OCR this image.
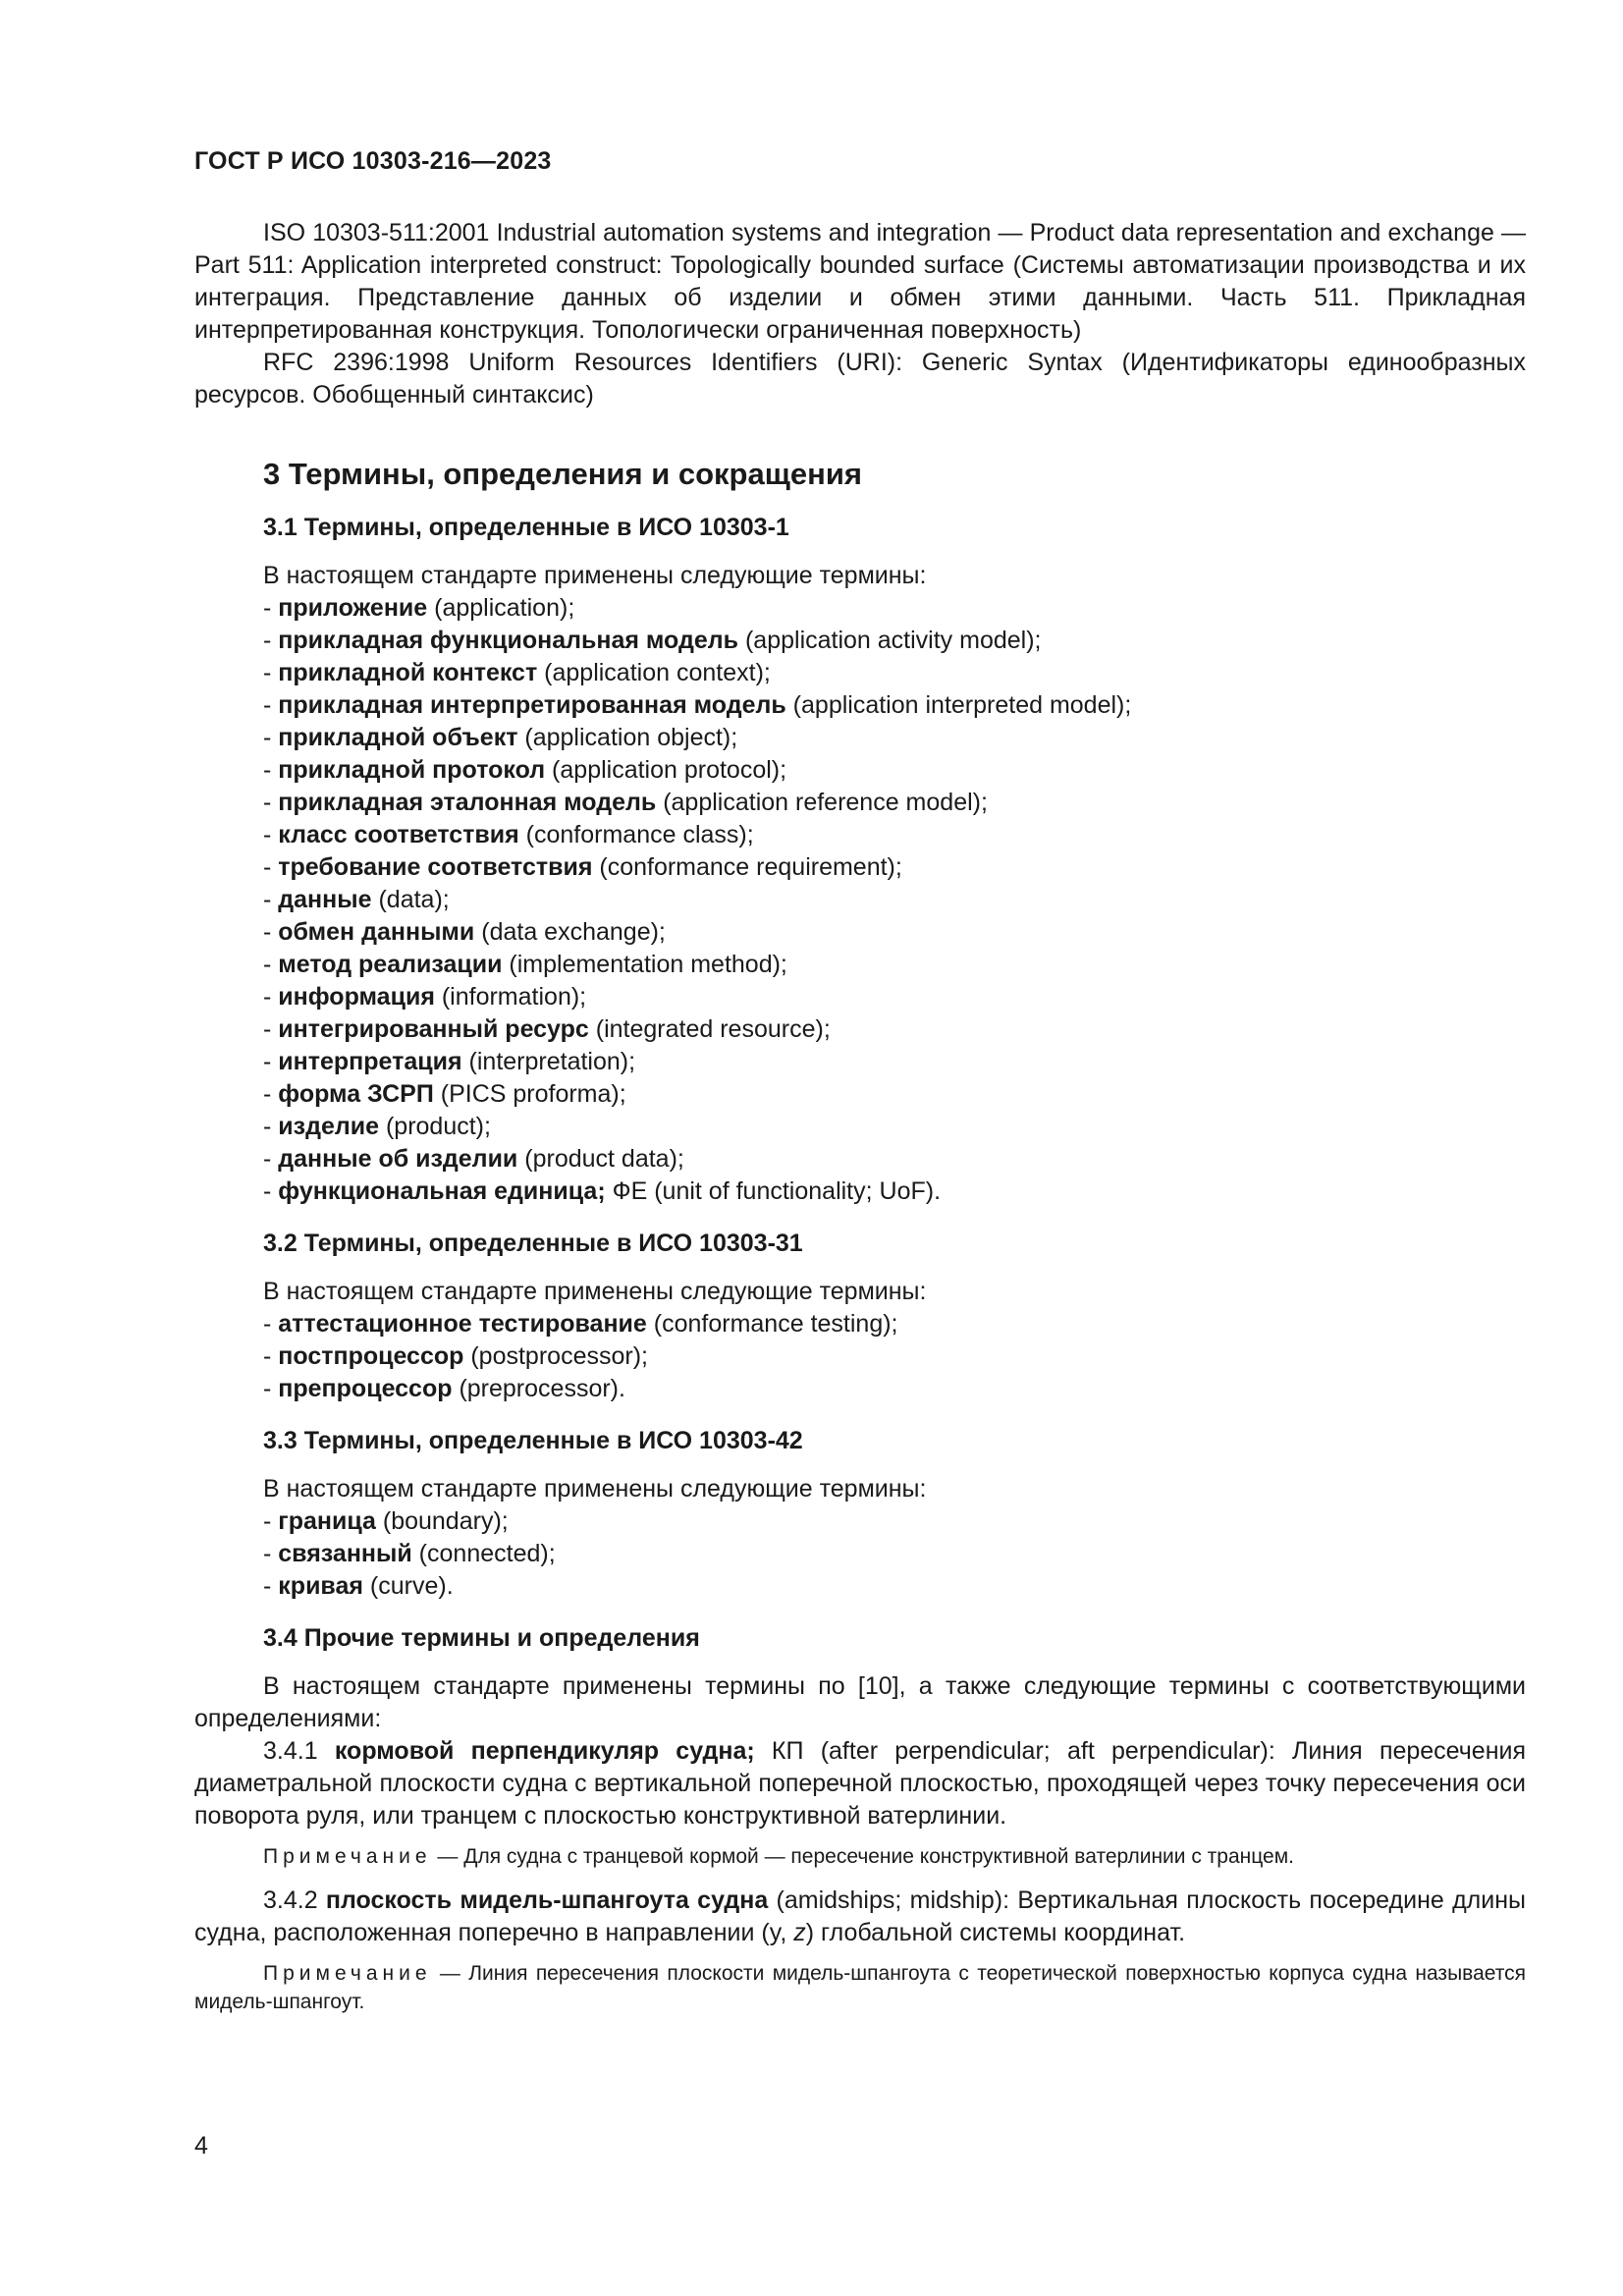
ГОСТ Р ИСО 10303-216—2023

ISO 10303-511:2001 Industrial automation systems and integration — Product data representation and exchange — Part 511: Application interpreted construct: Topologically bounded surface (Системы автоматизации производства и их интеграция. Представление данных об изделии и обмен этими данными. Часть 511. Прикладная интерпретированная конструкция. Топологически ограниченная поверхность)

RFC 2396:1998 Uniform Resources Identifiers (URI): Generic Syntax (Идентификаторы единообразных ресурсов. Обобщенный синтаксис)

3 Термины, определения и сокращения
3.1 Термины, определенные в ИСО 10303-1
В настоящем стандарте применены следующие термины:
- приложение (application);
- прикладная функциональная модель (application activity model);
- прикладной контекст (application context);
- прикладная интерпретированная модель (application interpreted model);
- прикладной объект (application object);
- прикладной протокол (application protocol);
- прикладная эталонная модель (application reference model);
- класс соответствия (conformance class);
- требование соответствия (conformance requirement);
- данные (data);
- обмен данными (data exchange);
- метод реализации (implementation method);
- информация (information);
- интегрированный ресурс (integrated resource);
- интерпретация (interpretation);
- форма ЗСРП (PICS proforma);
- изделие (product);
- данные об изделии (product data);
- функциональная единица; ФЕ (unit of functionality; UoF).
3.2 Термины, определенные в ИСО 10303-31
В настоящем стандарте применены следующие термины:
- аттестационное тестирование (conformance testing);
- постпроцессор (postprocessor);
- препроцессор (preprocessor).
3.3 Термины, определенные в ИСО 10303-42
В настоящем стандарте применены следующие термины:
- граница (boundary);
- связанный (connected);
- кривая (curve).
3.4 Прочие термины и определения

В настоящем стандарте применены термины по [10], а также следующие термины с соответствующими определениями:

3.4.1 кормовой перпендикуляр судна; КП (after perpendicular; aft perpendicular): Линия пересечения диаметральной плоскости судна с вертикальной поперечной плоскостью, проходящей через точку пересечения оси поворота руля, или транцем с плоскостью конструктивной ватерлинии.

Примечание — Для судна с транцевой кормой — пересечение конструктивной ватерлинии с транцем.

3.4.2 плоскость мидель-шпангоута судна (amidships; midship): Вертикальная плоскость посередине длины судна, расположенная поперечно в направлении (y, z) глобальной системы координат.

Примечание — Линия пересечения плоскости мидель-шпангоута с теоретической поверхностью корпуса судна называется мидель-шпангоут.

4
